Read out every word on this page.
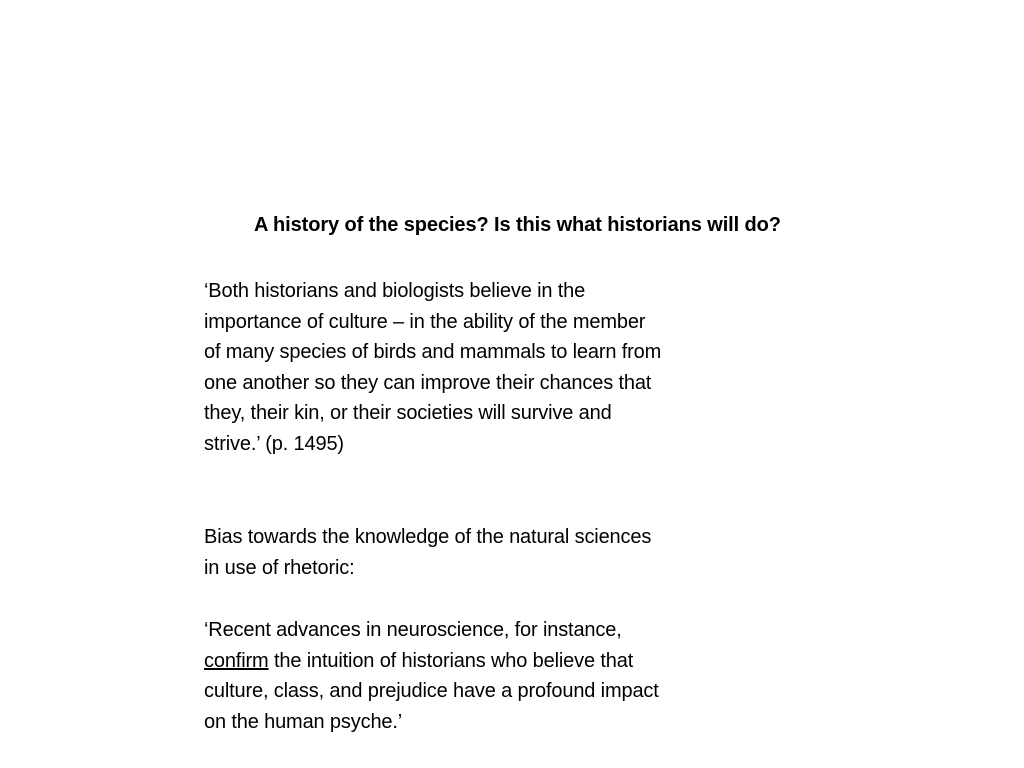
A history of the species? Is this what historians will do?

‘Both historians and biologists believe in the
importance of culture – in the ability of the member
of many species of birds and mammals to learn from
one another so they can improve their chances that
they, their kin, or their societies will survive and
strive.’ (p. 1495)

Bias towards the knowledge of the natural sciences
in use of rhetoric:

‘Recent advances in neuroscience, for instance,
confirm the intuition of historians who believe that
culture, class, and prejudice have a profound impact
on the human psyche.’
